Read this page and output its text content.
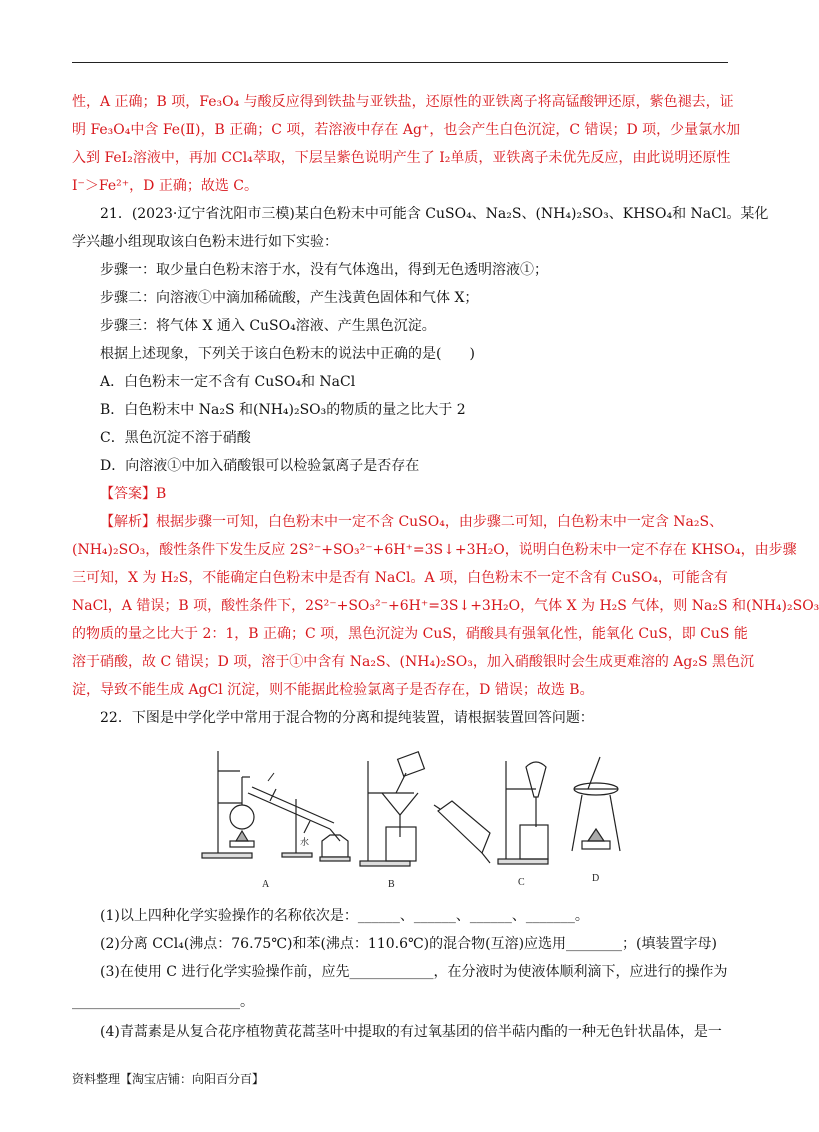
性，A 正确；B 项，Fe₃O₄ 与酸反应得到铁盐与亚铁盐，还原性的亚铁离子将高锰酸钾还原，紫色褪去，证
明 Fe₃O₄中含 Fe(Ⅱ)，B 正确；C 项，若溶液中存在 Ag⁺，也会产生白色沉淀，C 错误；D 项，少量氯水加
入到 FeI₂溶液中，再加 CCl₄萃取，下层呈紫色说明产生了 I₂单质，亚铁离子未优先反应，由此说明还原性
I⁻＞Fe²⁺，D 正确；故选 C。
21．(2023·辽宁省沈阳市三模)某白色粉末中可能含 CuSO₄、Na₂S、(NH₄)₂SO₃、KHSO₄和 NaCl。某化
学兴趣小组现取该白色粉末进行如下实验：
步骤一：取少量白色粉末溶于水，没有气体逸出，得到无色透明溶液①；
步骤二：向溶液①中滴加稀硫酸，产生浅黄色固体和气体 X；
步骤三：将气体 X 通入 CuSO₄溶液、产生黑色沉淀。
根据上述现象，下列关于该白色粉末的说法中正确的是(　　)
A．白色粉末一定不含有 CuSO₄和 NaCl
B．白色粉末中 Na₂S 和(NH₄)₂SO₃的物质的量之比大于 2
C．黑色沉淀不溶于硝酸
D．向溶液①中加入硝酸银可以检验氯离子是否存在
【答案】B
【解析】根据步骤一可知，白色粉末中一定不含 CuSO₄，由步骤二可知，白色粉末中一定含 Na₂S、
(NH₄)₂SO₃，酸性条件下发生反应 2S²⁻+SO₃²⁻+6H⁺=3S↓+3H₂O，说明白色粉末中一定不存在 KHSO₄，由步骤
三可知，X 为 H₂S，不能确定白色粉末中是否有 NaCl。A 项，白色粉末不一定不含有 CuSO₄，可能含有
NaCl，A 错误；B 项，酸性条件下，2S²⁻+SO₃²⁻+6H⁺=3S↓+3H₂O，气体 X 为 H₂S 气体，则 Na₂S 和(NH₄)₂SO₃
的物质的量之比大于 2：1，B 正确；C 项，黑色沉淀为 CuS，硝酸具有强氧化性，能氧化 CuS，即 CuS 能
溶于硝酸，故 C 错误；D 项，溶于①中含有 Na₂S、(NH₄)₂SO₃，加入硝酸银时会生成更难溶的 Ag₂S 黑色沉
淀，导致不能生成 AgCl 沉淀，则不能据此检验氯离子是否存在，D 错误；故选 B。
22．下图是中学化学中常用于混合物的分离和提纯装置，请根据装置回答问题：
水
A	B	C	D
(1)以上四种化学实验操作的名称依次是：______、______、______、_______。
(2)分离 CCl₄(沸点：76.75℃)和苯(沸点：110.6℃)的混合物(互溶)应选用________；(填装置字母)
(3)在使用 C 进行化学实验操作前，应先____________，在分液时为使液体顺利滴下，应进行的操作为
________________________。
(4)青蒿素是从复合花序植物黄花蒿茎叶中提取的有过氧基团的倍半萜内酯的一种无色针状晶体，是一
资料整理【淘宝店铺：向阳百分百】
